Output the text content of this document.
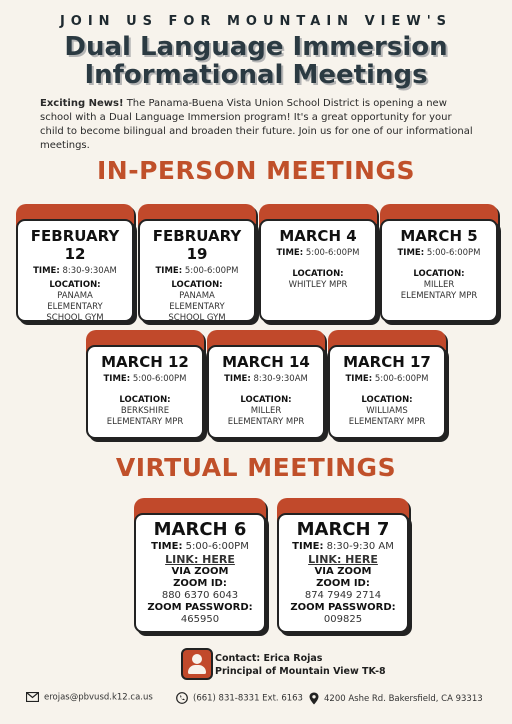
JOIN US FOR MOUNTAIN VIEW'S
Dual Language Immersion
Informational Meetings
Exciting News! The Panama-Buena Vista Union School District is opening a new school with a Dual Language Immersion program! It's a great opportunity for your child to become bilingual and broaden their future. Join us for one of our informational meetings.
IN-PERSON MEETINGS
FEBRUARY 12
TIME: 8:30-9:30AM
LOCATION:
PANAMA
ELEMENTARY
SCHOOL GYM
FEBRUARY 19
TIME: 5:00-6:00PM
LOCATION:
PANAMA
ELEMENTARY
SCHOOL GYM
MARCH 4
TIME: 5:00-6:00PM
LOCATION:
WHITLEY MPR
MARCH 5
TIME: 5:00-6:00PM
LOCATION:
MILLER
ELEMENTARY MPR
MARCH 12
TIME: 5:00-6:00PM
LOCATION:
BERKSHIRE
ELEMENTARY MPR
MARCH 14
TIME: 8:30-9:30AM
LOCATION:
MILLER
ELEMENTARY MPR
MARCH 17
TIME: 5:00-6:00PM
LOCATION:
WILLIAMS
ELEMENTARY MPR
VIRTUAL MEETINGS
MARCH 6
TIME: 5:00-6:00PM
LINK: HERE
VIA ZOOM
ZOOM ID:
880 6370 6043
ZOOM PASSWORD:
465950
MARCH 7
TIME: 8:30-9:30 AM
LINK: HERE
VIA ZOOM
ZOOM ID:
874 7949 2714
ZOOM PASSWORD:
009825
Contact: Erica Rojas
Principal of Mountain View TK-8
erojas@pbvusd.k12.ca.us	(661) 831-8331 Ext. 6163	4200 Ashe Rd. Bakersfield, CA 93313
